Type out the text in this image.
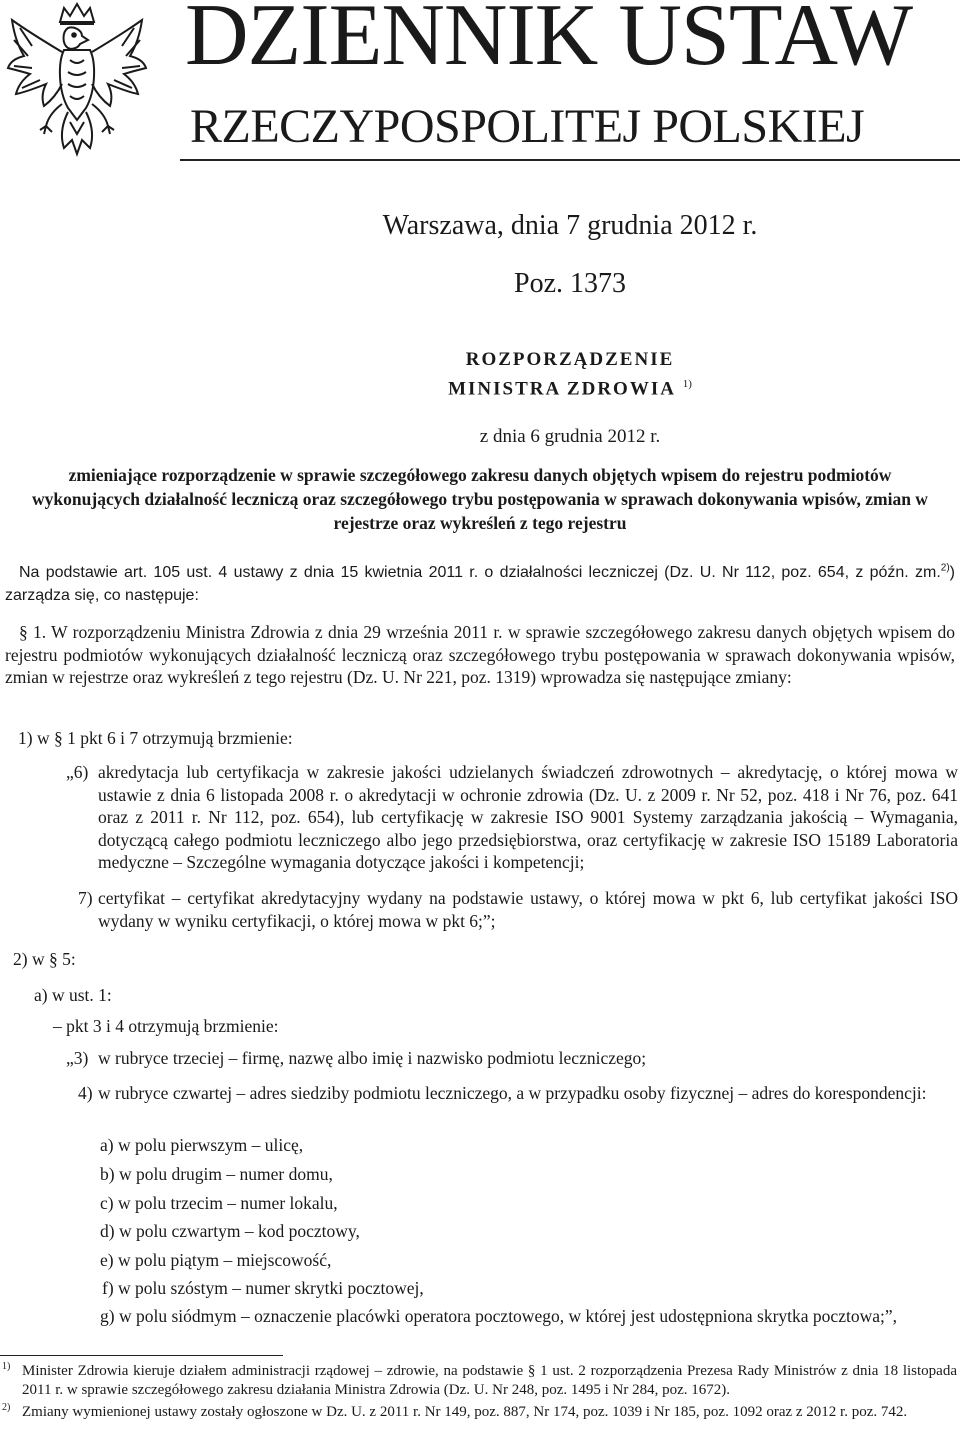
DZIENNIK USTAW
RZECZYPOSPOLITEJ POLSKIEJ
Warszawa, dnia 7 grudnia 2012 r.
Poz. 1373
ROZPORZĄDZENIE
MINISTRA ZDROWIA $^{1)}$
z dnia 6 grudnia 2012 r.
zmieniające rozporządzenie w sprawie szczegółowego zakresu danych objętych wpisem do rejestru podmiotów wykonujących działalność leczniczą oraz szczegółowego trybu postępowania w sprawach dokonywania wpisów, zmian w rejestrze oraz wykreśleń z tego rejestru
Na podstawie art. 105 ust. 4 ustawy z dnia 15 kwietnia 2011 r. o działalności leczniczej (Dz. U. Nr 112, poz. 654, z późn. zm.$^{2)}$) zarządza się, co następuje:
§ 1. W rozporządzeniu Ministra Zdrowia z dnia 29 września 2011 r. w sprawie szczegółowego zakresu danych objętych wpisem do rejestru podmiotów wykonujących działalność leczniczą oraz szczegółowego trybu postępowania w sprawach dokonywania wpisów, zmian w rejestrze oraz wykreśleń z tego rejestru (Dz. U. Nr 221, poz. 1319) wprowadza się następujące zmiany:
1) w § 1 pkt 6 i 7 otrzymują brzmienie:
„6) akredytacja lub certyfikacja w zakresie jakości udzielanych świadczeń zdrowotnych – akredytację, o której mowa w ustawie z dnia 6 listopada 2008 r. o akredytacji w ochronie zdrowia (Dz. U. z 2009 r. Nr 52, poz. 418 i Nr 76, poz. 641 oraz z 2011 r. Nr 112, poz. 654), lub certyfikację w zakresie ISO 9001 Systemy zarządzania jakością – Wymagania, dotyczącą całego podmiotu leczniczego albo jego przedsiębiorstwa, oraz certyfikację w zakresie ISO 15189 Laboratoria medyczne – Szczególne wymagania dotyczące jakości i kompetencji;
7) certyfikat – certyfikat akredytacyjny wydany na podstawie ustawy, o której mowa w pkt 6, lub certyfikat jakości ISO wydany w wyniku certyfikacji, o której mowa w pkt 6;”;
2) w § 5:
a) w ust. 1:
– pkt 3 i 4 otrzymują brzmienie:
„3) w rubryce trzeciej – firmę, nazwę albo imię i nazwisko podmiotu leczniczego;
4) w rubryce czwartej – adres siedziby podmiotu leczniczego, a w przypadku osoby fizycznej – adres do korespondencji:
a) w polu pierwszym – ulicę,
b) w polu drugim – numer domu,
c) w polu trzecim – numer lokalu,
d) w polu czwartym – kod pocztowy,
e) w polu piątym – miejscowość,
f) w polu szóstym – numer skrytki pocztowej,
g) w polu siódmym – oznaczenie placówki operatora pocztowego, w której jest udostępniona skrytka pocztowa;”,
$^{1)}$ Minister Zdrowia kieruje działem administracji rządowej – zdrowie, na podstawie § 1 ust. 2 rozporządzenia Prezesa Rady Ministrów z dnia 18 listopada 2011 r. w sprawie szczegółowego zakresu działania Ministra Zdrowia (Dz. U. Nr 248, poz. 1495 i Nr 284, poz. 1672).
$^{2)}$ Zmiany wymienionej ustawy zostały ogłoszone w Dz. U. z 2011 r. Nr 149, poz. 887, Nr 174, poz. 1039 i Nr 185, poz. 1092 oraz z 2012 r. poz. 742.
